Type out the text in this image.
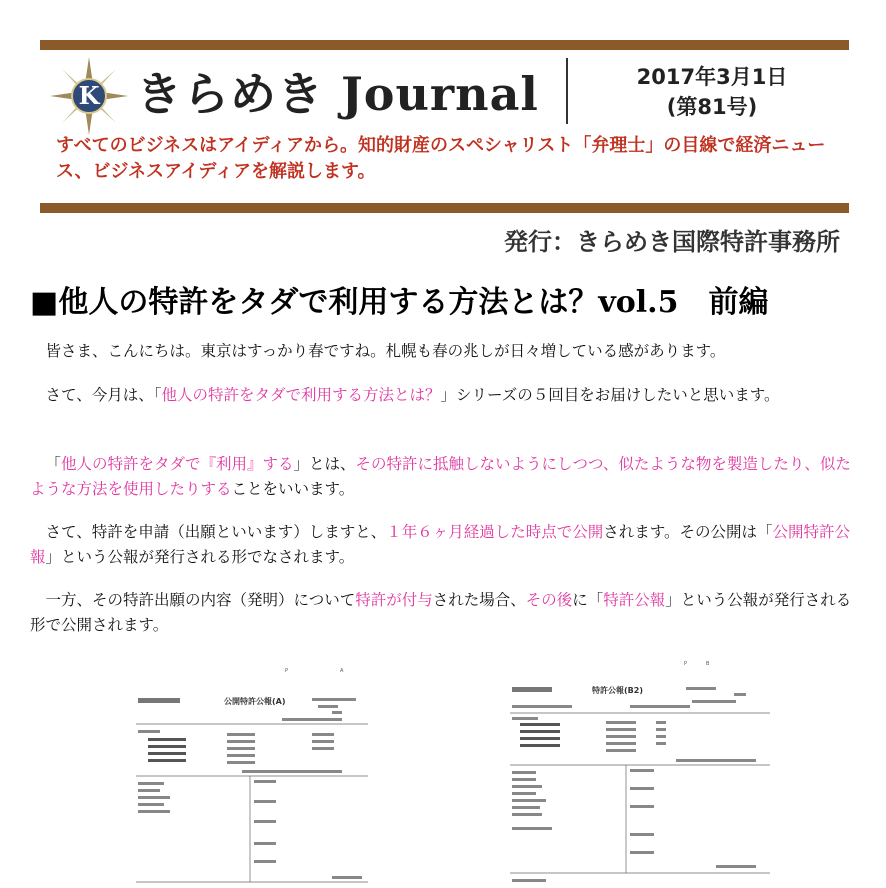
K きらめき Journal	2017年3月1日
(第81号)
すべてのビジネスはアイディアから。知的財産のスペシャリスト「弁理士」の目線で経済ニュース、ビジネスアイディアを解説します。
発行：きらめき国際特許事務所
■他人の特許をタダで利用する方法とは？vol.5　前編
皆さま、こんにちは。東京はすっかり春ですね。札幌も春の兆しが日々増している感があります。
さて、今月は、「他人の特許をタダで利用する方法とは？」シリーズの５回目をお届けしたいと思います。
「他人の特許をタダで『利用』する」とは、その特許に抵触しないようにしつつ、似たような物を製造したり、似たような方法を使用したりすることをいいます。
さて、特許を申請（出願といいます）しますと、１年６ヶ月経過した時点で公開されます。その公開は「公開特許公報」という公報が発行される形でなされます。
一方、その特許出願の内容（発明）について特許が付与された場合、その後に「特許公報」という公報が発行される形で公開されます。
P	A
公開特許公報(A)
P	B
特許公報(B2)
